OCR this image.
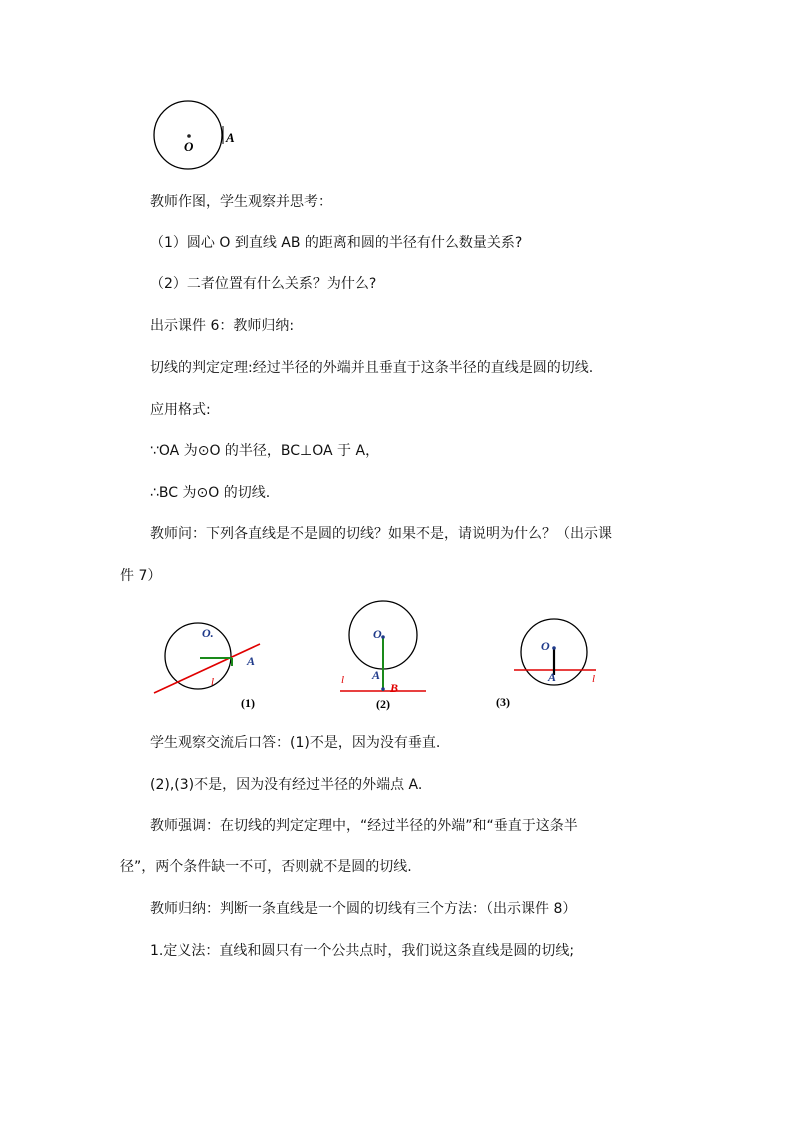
O
A
教师作图，学生观察并思考：
（1）圆心 O 到直线 AB 的距离和圆的半径有什么数量关系?
（2）二者位置有什么关系？为什么?
出示课件 6：教师归纳:
切线的判定定理:经过半径的外端并且垂直于这条半径的直线是圆的切线.
应用格式:
∵OA 为⊙O 的半径，BC⊥OA 于 A，
∴BC 为⊙O 的切线.
教师问：下列各直线是不是圆的切线？如果不是，请说明为什么？（出示课
件 7）
O.
A
l
(1)
O
A
B
l
(2)
O
A	l
(3)
学生观察交流后口答：(1)不是，因为没有垂直.
(2),(3)不是，因为没有经过半径的外端点 A.
教师强调：在切线的判定定理中，“经过半径的外端”和“垂直于这条半
径”，两个条件缺一不可，否则就不是圆的切线.
教师归纳：判断一条直线是一个圆的切线有三个方法：（出示课件 8）
1.定义法：直线和圆只有一个公共点时，我们说这条直线是圆的切线;
